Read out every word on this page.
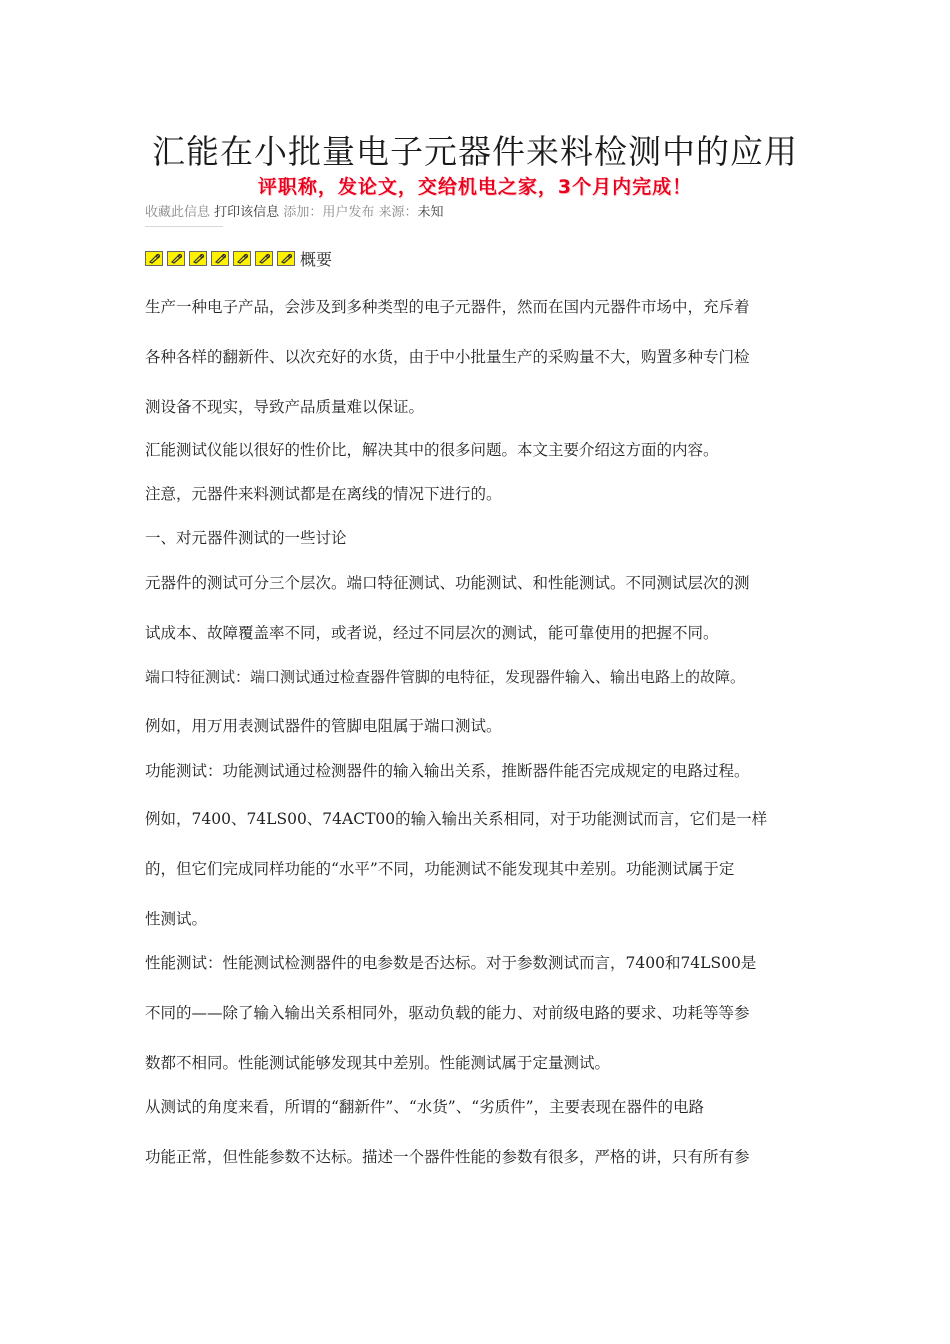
汇能在小批量电子元器件来料检测中的应用
评职称，发论文，交给机电之家，3个月内完成！
收藏此信息 打印该信息 添加：用户发布 来源：未知
概要
生产一种电子产品，会涉及到多种类型的电子元器件，然而在国内元器件市场中，充斥着
各种各样的翻新件、以次充好的水货，由于中小批量生产的采购量不大，购置多种专门检
测设备不现实，导致产品质量难以保证。
汇能测试仪能以很好的性价比，解决其中的很多问题。本文主要介绍这方面的内容。
注意，元器件来料测试都是在离线的情况下进行的。
一、对元器件测试的一些讨论
元器件的测试可分三个层次。端口特征测试、功能测试、和性能测试。不同测试层次的测
试成本、故障覆盖率不同，或者说，经过不同层次的测试，能可靠使用的把握不同。
端口特征测试：端口测试通过检查器件管脚的电特征，发现器件输入、输出电路上的故障。
例如，用万用表测试器件的管脚电阻属于端口测试。
功能测试：功能测试通过检测器件的输入输出关系，推断器件能否完成规定的电路过程。
例如，7400、74LS00、74ACT00的输入输出关系相同，对于功能测试而言，它们是一样
的，但它们完成同样功能的“水平”不同，功能测试不能发现其中差别。功能测试属于定
性测试。
性能测试：性能测试检测器件的电参数是否达标。对于参数测试而言，7400和74LS00是
不同的——除了输入输出关系相同外，驱动负载的能力、对前级电路的要求、功耗等等参
数都不相同。性能测试能够发现其中差别。性能测试属于定量测试。
从测试的角度来看，所谓的“翻新件”、“水货”、“劣质件”，主要表现在器件的电路
功能正常，但性能参数不达标。描述一个器件性能的参数有很多，严格的讲，只有所有参
